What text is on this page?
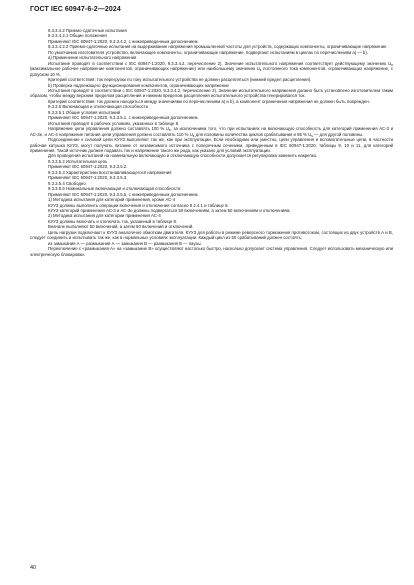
ГОСТ IEC 60947-6-2—2024

9.3.3.4.2 Приемо-сдаточные испытания

9.3.3.4.2.1 Общие положения

Применяют IEC 60947-1:2020, 9.3.3.4.2, с нижеприведенным дополнением.

9.3.3.4.2.2 Приемо-сдаточные испытания на выдерживание напряжения промышленной частоты для устройств, содержащих компоненты, ограничивающие напряжение

По умолчанию изготовителя устройство, включающее компоненты, ограничивающие напряжение, подвергают испытаниям в циклах по перечислениям а) — b).

а) Применение испытательного напряжения

Испытание проводят в соответствии с IEC 60947-1:2020, 9.3.3.4.2, перечисление 2). Значение испытательного напряжения соответствует действующему значению $U_e$ (максимальное рабочее напряжение компонентов, ограничивающих напряжение) или наибольшему значению $U_e$ постоянного тока компонентов, ограничивающих напряжение, с допуском 10 %.

Критерий соответствия: ток перегрузки по току испытательного устройства не должен расцепляться (нижний предел расцепления).

b) Проверка надлежащего функционирования компонентов, ограничивающих напряжение

Испытания проводят в соответствии с IEC 60947-1:2020, 9.3.3.4.2, перечисление 2). Значение испытательного напряжения должно быть установлено изготовителем таким образом, чтобы между верхним пределом расцепления и нижним пределом расцепления испытательного устройства генерировался ток.

Критерий соответствия: ток должен находиться между значениями по перечислениям а) и b), а компонент ограничения напряжения не должен быть поврежден.

9.3.3.5 Включающая и отключающая способности

9.3.3.5.1 Общие условия испытаний

Применяют IEC 60947-1:2020, 9.3.3.5.1, с нижеприведенным дополнением.

Испытания проводят в рабочих условиях, указанных в таблице 8.

Напряжение цепи управления должно составлять 100 % $U_s$, за исключением того, что при испытаниях на включающую способность для категорий применения АС-3 и АС-3е, и АС-4 напряжение питания цепи управления должно составлять 110 % $U_s$ для половины количества циклов срабатывания и 85 % $U_s$ — для другой половины.

Подсоединение к силовой цепи КУУЗ выполняют так же, как при эксплуатации. Если необходимо или уместно, цепи управления и вспомогательные цепи, в частности рабочая катушка КУУЗ, могут получать питание от независимого источника с поперечным сечением, приведенным в IEC 60947-1:2020, таблицы 9, 10 и 11, для категорий применения. Такой источник должен подавать ток и напряжение такого же рода, как указано для условий эксплуатации.

Для проведения испытаний на номинальную включающую и отключающую способности допускается регулировка заменить накрепко.

9.3.3.5.2 Испытательная цепь

Применяют IEC 60947-1:2020, 9.3.3.5.2.

9.3.3.5.3 Характеристики восстанавливающегося напряжения

Применяют IEC 60947-1:2020, 9.3.3.5.3.

9.3.3.5.4 Свободно

9.3.3.5.5 Номинальные включающая и отключающая способности

Применяют IEC 60947-1:2020, 9.3.3.5.5, с нижеприведенным дополнением.

1) Методика испытания для категорий применения, кроме АС-4

КУУЗ должны выполнить операции включения и отключения согласно 9.2.4.1 и таблице 8.

КУУЗ категорий применения АС-3 и АС-3е должны подвергаться 50 включениям, а затем 50 включениям и отключениям.

2) Методика испытания для категории применения АС-4

КУУЗ должны включать и отключать ток, указанный в таблице 8.

Вначале выполняют 50 включений, а затем 50 включений и отключений.

Цепь нагрузки подключают к КУУЗ аналогично обмоткам двигателя. КУУЗ для работы в режиме реверсного торможения противотоком, состоящих из двух устройств А и В, следует соединить и испытывать так же, как в нормальных условиях эксплуатации. Каждый цикл из 50 срабатываний должен состоять:

из замыкания А — размыкания А — замыкания В — размыкания В — паузы.

Переключение с «размыкания А» на «замыкание В» осуществляют настолько быстро, насколько допускает система управления. Следует использовать механическую или электрическую блокировки.

40
